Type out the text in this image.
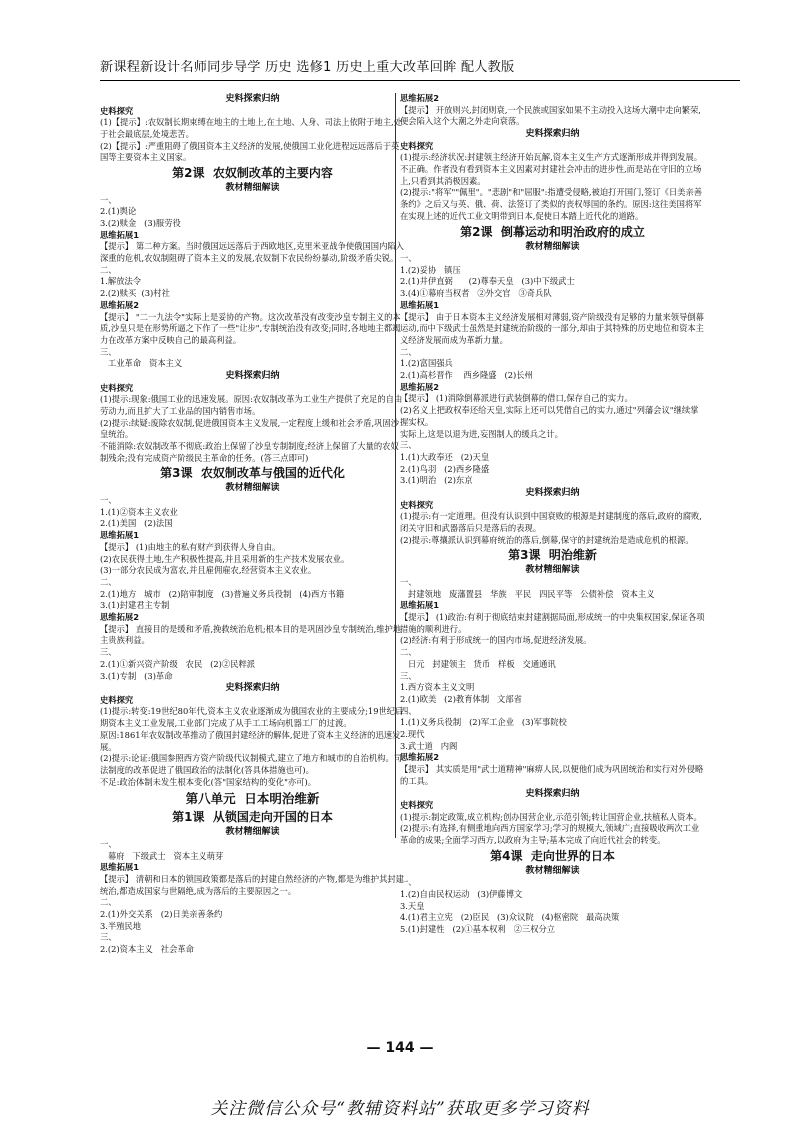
新课程新设计名师同步导学 历史 选修1 历史上重大改革回眸 配人教版

史料探索归纳

史料探究

(1)【提示】:农奴制长期束缚在地主的土地上,在土地、人身、司法上依附于地主,处于社会最底层,处境悲苦。

(2)【提示】:严重阻碍了俄国资本主义经济的发展,使俄国工业化进程远远落后于英国等主要资本主义国家。

第2课  农奴制改革的主要内容

教材精细解读

一、

2.(1)舆论

3.(2)赎金   (3)服劳役

思维拓展1

【提示】 第二种方案。当时俄国远远落后于西欧地区,克里米亚战争使俄国国内陷入深重的危机,农奴制阻碍了资本主义的发展,农奴制下农民纷纷暴动,阶级矛盾尖锐。

二、

1.解放法令

2.(2)赎买  (3)村社

思维拓展2

【提示】 "二一九法令"实际上是妥协的产物。这次改革没有改变沙皇专制主义的本质,沙皇只是在形势所逼之下作了一些"让步",专制统治没有改变;同时,各地地主都竭力在改革方案中反映自己的最高利益。

三、

工业革命   资本主义

史料探索归纳

史料探究

(1)提示:现象:俄国工业的迅速发展。原因:农奴制改革为工业生产提供了充足的自由劳动力,而且扩大了工业品的国内销售市场。

(2)提示:续疑:废除农奴制,促进俄国资本主义发展,一定程度上缓和社会矛盾,巩固沙皇统治。

不能消除:农奴制改革不彻底:政治上保留了沙皇专制制度;经济上保留了大量的农奴制残余;没有完成资产阶级民主革命的任务。(答三点即可)

第3课  农奴制改革与俄国的近代化

教材精细解读

一、

1.(1)②资本主义农业

2.(1)美国   (2)法国

思维拓展1

【提示】 (1)由地主的私有财产到获得人身自由。

(2)农民获得土地,生产积极性提高,并且采用新的生产技术发展农业。

(3)一部分农民成为富农,并且雇佣雇农,经营资本主义农业。

二、

2.(1)地方   城市   (2)陪审制度   (3)普遍义务兵役制   (4)西方书籍

3.(1)封建君主专制

思维拓展2

【提示】 直接目的是缓和矛盾,挽救统治危机;根本目的是巩固沙皇专制统治,维护地主贵族利益。

三、

2.(1)①新兴资产阶级   农民   (2)②民粹派

3.(1)专制   (3)革命

史料探索归纳

史料探究

(1)提示:转变:19世纪80年代,资本主义农业逐渐成为俄国农业的主要成分;19世纪后期资本主义工业发展,工业部门完成了从手工工场向机器工厂的过渡。

原因:1861年农奴制改革推动了俄国封建经济的解体,促进了资本主义经济的迅速发展。

(2)提示:论证:俄国参照西方资产阶级代议制模式,建立了地方和城市的自治机构。司法制度的改革促进了俄国政治的法制化(答具体措施也可)。

不足:政治体制未发生根本变化(答"国家结构的变化"亦可)。

第八单元  日本明治维新

第1课  从锁国走向开国的日本

教材精细解读

一、

幕府   下级武士   资本主义萌芽

思维拓展1

【提示】 清朝和日本的锁国政策都是落后的封建自然经济的产物,都是为维护其封建统治,都造成国家与世隔绝,成为落后的主要原因之一。

二、

2.(1)外交关系   (2)日美亲善条约

3.半殖民地

三、

2.(2)资本主义   社会革命

思维拓展2

【提示】 开放则兴,封闭则衰,一个民族或国家如果不主动投入这场大潮中走向繁荣,便会陷入这个大潮之外走向衰落。

史料探索归纳

史料探究

(1)提示:经济状况:封建领主经济开始瓦解,资本主义生产方式逐渐形成并得到发展。不正确。作者没有看到资本主义因素对封建社会冲击的进步性,而是站在守旧的立场上,只看到其消极因素。

(2)提示:"将军""佩里"。"悲剧"和"屈服":指遭受侵略,被迫打开国门,签订《日美亲善条约》之后又与英、俄、荷、法签订了类似的丧权辱国的条约。原因:这往美国将军在实现上述的近代工业文明带到日本,促使日本踏上近代化的道路。

第2课  倒幕运动和明治政府的成立

教材精细解读

一、

1.(2)妥协   镇压

2.(1)井伊直弼      (2)尊奉天皇   (3)中下级武士

3.(4)①幕府当权者   ②外交官   ③奇兵队

思维拓展1

【提示】 由于日本资本主义经济发展相对薄弱,资产阶级没有足够的力量来领导倒幕运动,而中下级武士虽然是封建统治阶级的一部分,却由于其特殊的历史地位和资本主义经济发展而成为革新力量。

二、

1.(2)富国强兵

2.(1)高杉晋作    西乡隆盛   (2)长州

思维拓展2

【提示】 (1)消除倒幕派进行武装倒幕的借口,保存自己的实力。

(2)名义上把政权奉还给天皇,实际上还可以凭借自己的实力,通过"列藩会议"继续掌握实权。

实际上,这是以退为进,妄图制人的缓兵之计。

三、

1.(1)大政奉还   (2)天皇

2.(1)鸟羽   (2)西乡隆盛

3.(1)明治   (2)东京

史料探索归纳

史料探究

(1)提示:有一定道理。但没有认识到中国衰败的根源是封建制度的落后,政府的腐败,闭关守旧和武器落后只是落后的表现。

(2)提示:尊攘派认识到幕府统治的落后,倒幕,保守的封建统治是造成危机的根源。

第3课  明治维新

教材精细解读

一、

封建领地   废藩置县   华族   平民   四民平等   公债补偿   资本主义

思维拓展1

【提示】 (1)政治:有利于彻底结束封建割据局面,形成统一的中央集权国家,保证各项措施的顺利进行。

(2)经济:有利于形成统一的国内市场,促进经济发展。

二、

日元   封建领主   货币   样板   交通通讯

三、

1.西方资本主义文明

2.(1)欧美   (2)教育体制   文部省

四、

1.(1)义务兵役制   (2)军工企业   (3)军事院校

2.现代

3.武士道   内阁

思维拓展2

【提示】 其实质是用"武士道精神"麻痹人民,以便他们成为巩固统治和实行对外侵略的工具。

史料探索归纳

史料探究

(1)提示:制定政策,成立机构;创办国营企业,示范引领;转让国营企业,扶植私人资本。

(2)提示:有选择,有侧重地向西方国家学习;学习的规模大,领域广;直接吸收两次工业革命的成果;全面学习西方,以政府为主导;基本完成了向近代社会的转变。

第4课  走向世界的日本

教材精细解读

一、

1.(2)自由民权运动   (3)伊藤博文

3.天皇

4.(1)君主立宪   (2)臣民   (3)众议院   (4)枢密院   最高决策

5.(1)封建性   (2)①基本权利   ②三权分立

— 144 —
关注微信公众号“教辅资料站”获取更多学习资料
